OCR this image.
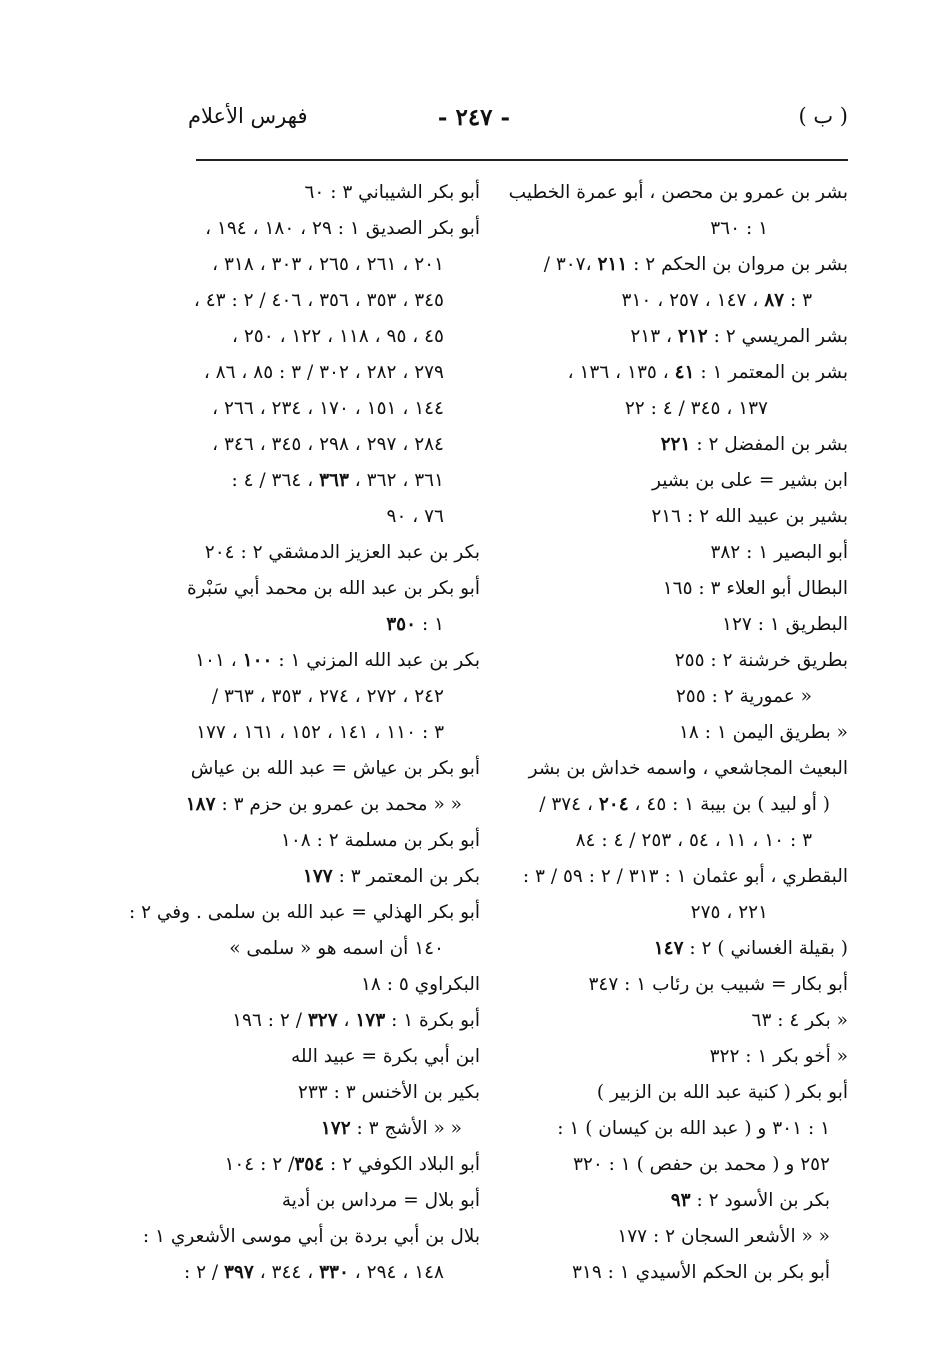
( ب )
- ٢٤٧ -
فهرس الأعلام
بشر بن عمرو بن محصن ، أبو عمرة الخطيب
١ : ٣٦٠
بشر بن مروان بن الحكم ٢ : ٢١١ ،٣٠٧ /
٣ : ٨٧ ، ١٤٧ ، ٢٥٧ ، ٣١٠
بشر المريسي ٢ : ٢١٢ ، ٢١٣
بشر بن المعتمر ١ : ٤١ ، ١٣٥ ، ١٣٦ ،
١٣٧ ، ٣٤٥ / ٤ : ٢٢
بشر بن المفضل ٢ : ٢٢١
ابن بشير = على بن بشير
بشير بن عبيد الله ٢ : ٢١٦
أبو البصير ١ : ٣٨٢
البطال أبو العلاء ٣ : ١٦٥
البطريق ١ : ١٢٧
بطريق خرشنة ٢ : ٢٥٥
« عمورية ٢ : ٢٥٥
« بطريق اليمن ١ : ١٨
البعيث المجاشعي ، واسمه خداش بن بشر
( أو لبيد ) بن بيبة ١ : ٤٥ ، ٢٠٤ ، ٣٧٤ /
٣ : ١٠ ، ١١ ، ٥٤ ، ٢٥٣ / ٤ : ٨٤
البقطري ، أبو عثمان ١ : ٣١٣ / ٢ : ٥٩ / ٣ :
٢٢١ ، ٢٧٥
( بقيلة الغساني ) ٢ : ١٤٧
أبو بكار = شبيب بن رئاب ١ : ٣٤٧
« بكر ٤ : ٦٣
« أخو بكر ١ : ٣٢٢
أبو بكر ( كنية عبد الله بن الزبير )
١ : ٣٠١ و ( عبد الله بن كيسان ) ١ :
٢٥٢ و ( محمد بن حفص ) ١ : ٣٢٠
بكر بن الأسود ٢ : ٩٣
« « الأشعر السجان ٢ : ١٧٧
أبو بكر بن الحكم الأسيدي ١ : ٣١٩
أبو بكر الشيباني ٣ : ٦٠
أبو بكر الصديق ١ : ٢٩ ، ١٨٠ ، ١٩٤ ،
٢٠١ ، ٢٦١ ، ٢٦٥ ، ٣٠٣ ، ٣١٨ ،
٣٤٥ ، ٣٥٣ ، ٣٥٦ ، ٤٠٦ / ٢ : ٤٣ ،
٤٥ ، ٩٥ ، ١١٨ ، ١٢٢ ، ٢٥٠ ،
٢٧٩ ، ٢٨٢ ، ٣٠٢ / ٣ : ٨٥ ، ٨٦ ،
١٤٤ ، ١٥١ ، ١٧٠ ، ٢٣٤ ، ٢٦٦ ،
٢٨٤ ، ٢٩٧ ، ٢٩٨ ، ٣٤٥ ، ٣٤٦ ،
٣٦١ ، ٣٦٢ ، ٣٦٣ ، ٣٦٤ / ٤ :
٧٦ ، ٩٠
بكر بن عبد العزيز الدمشقي ٢ : ٢٠٤
أبو بكر بن عبد الله بن محمد أبي سَبْرة
١ : ٣٥٠
بكر بن عبد الله المزني ١ : ١٠٠ ، ١٠١
٢٤٢ ، ٢٧٢ ، ٢٧٤ ، ٣٥٣ ، ٣٦٣ /
٣ : ١١٠ ، ١٤١ ، ١٥٢ ، ١٦١ ، ١٧٧
أبو بكر بن عياش = عبد الله بن عياش
« « محمد بن عمرو بن حزم ٣ : ١٨٧
أبو بكر بن مسلمة ٢ : ١٠٨
بكر بن المعتمر ٣ : ١٧٧
أبو بكر الهذلي = عبد الله بن سلمى . وفي ٢ :
١٤٠ أن اسمه هو « سلمى »
البكراوي ٥ : ١٨
أبو بكرة ١ : ١٧٣ ، ٣٢٧ / ٢ : ١٩٦
ابن أبي بكرة = عبيد الله
بكير بن الأخنس ٣ : ٢٣٣
« « الأشج ٣ : ١٧٢
أبو البلاد الكوفي ٢ : ٣٥٤/ ٢ : ١٠٤
أبو بلال = مرداس بن أدية
بلال بن أبي بردة بن أبي موسى الأشعري ١ :
١٤٨ ، ٢٩٤ ، ٣٣٠ ، ٣٤٤ ، ٣٩٧ / ٢ :
